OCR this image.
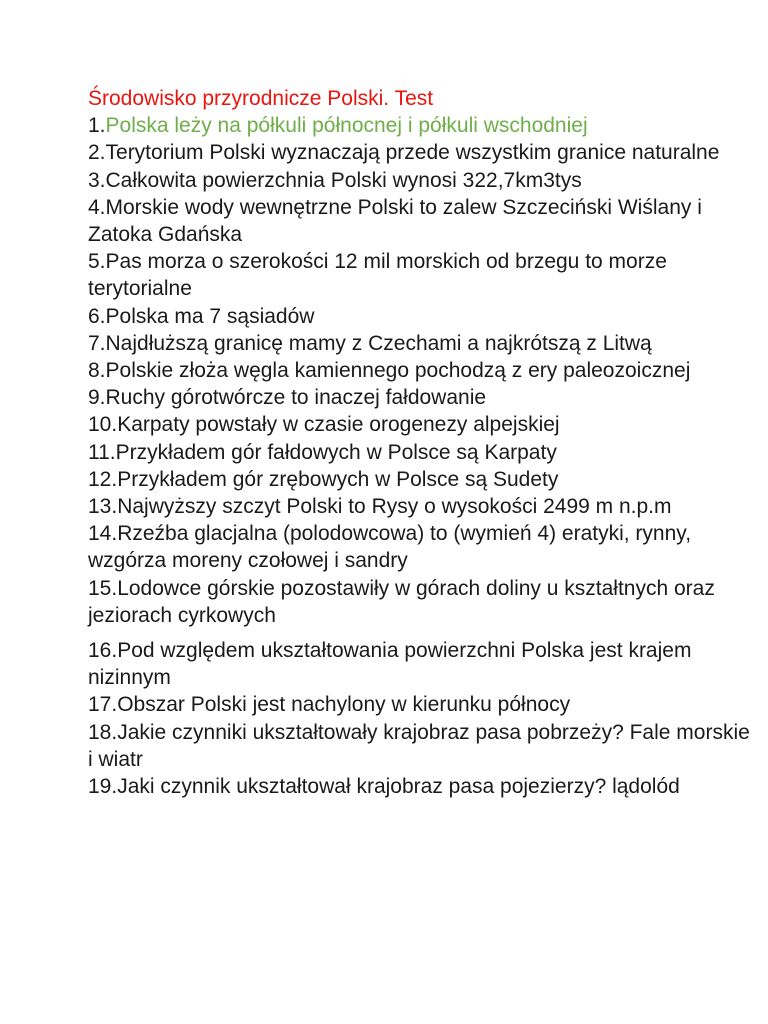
Środowisko przyrodnicze Polski. Test

1.Polska leży na półkuli północnej i półkuli wschodniej

2.Terytorium Polski wyznaczają przede wszystkim granice naturalne

3.Całkowita powierzchnia Polski wynosi 322,7km3tys

4.Morskie wody wewnętrzne Polski to zalew Szczeciński Wiślany i Zatoka Gdańska

5.Pas morza o szerokości 12 mil morskich od brzegu to morze terytorialne

6.Polska ma 7 sąsiadów

7.Najdłuższą granicę mamy z Czechami a najkrótszą z Litwą

8.Polskie złoża węgla kamiennego pochodzą z ery paleozoicznej

9.Ruchy górotwórcze to inaczej fałdowanie

10.Karpaty powstały w czasie orogenezy alpejskiej

11.Przykładem gór fałdowych w Polsce są Karpaty

12.Przykładem gór zrębowych w Polsce są Sudety

13.Najwyższy szczyt Polski to Rysy o wysokości 2499 m n.p.m

14.Rzeźba glacjalna (polodowcowa) to (wymień 4) eratyki, rynny, wzgórza moreny czołowej i sandry

15.Lodowce górskie pozostawiły w górach doliny u kształtnych oraz jeziorach cyrkowych

16.Pod względem ukształtowania powierzchni Polska jest krajem nizinnym

17.Obszar Polski jest nachylony w kierunku północy

18.Jakie czynniki ukształtowały krajobraz pasa pobrzeży? Fale morskie i wiatr

19.Jaki czynnik ukształtował krajobraz pasa pojezierzy? lądolód
